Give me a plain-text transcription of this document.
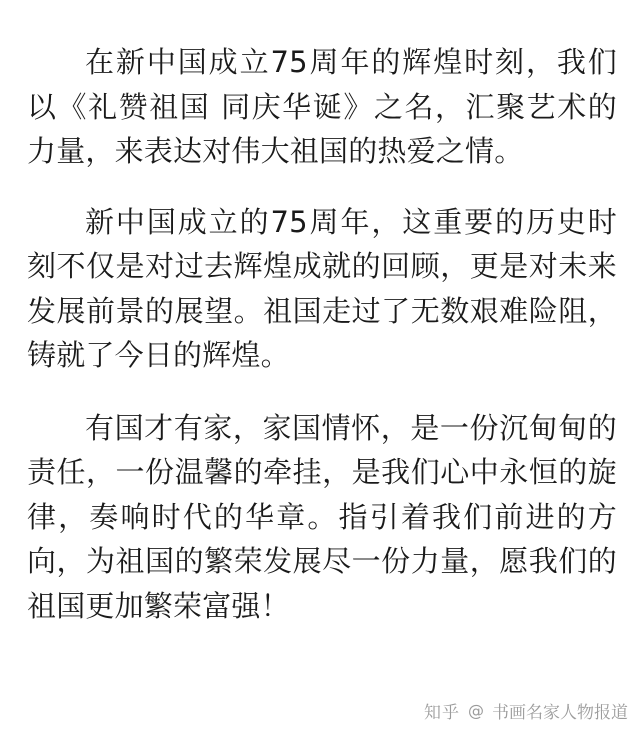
在新中国成立75周年的辉煌时刻，我们以《礼赞祖国 同庆华诞》之名，汇聚艺术的力量，来表达对伟大祖国的热爱之情。

新中国成立的75周年，这重要的历史时刻不仅是对过去辉煌成就的回顾，更是对未来发展前景的展望。祖国走过了无数艰难险阻，铸就了今日的辉煌。

有国才有家，家国情怀，是一份沉甸甸的责任，一份温馨的牵挂，是我们心中永恒的旋律，奏响时代的华章。指引着我们前进的方向，为祖国的繁荣发展尽一份力量，愿我们的祖国更加繁荣富强！

知乎 @ 书画名家人物报道
